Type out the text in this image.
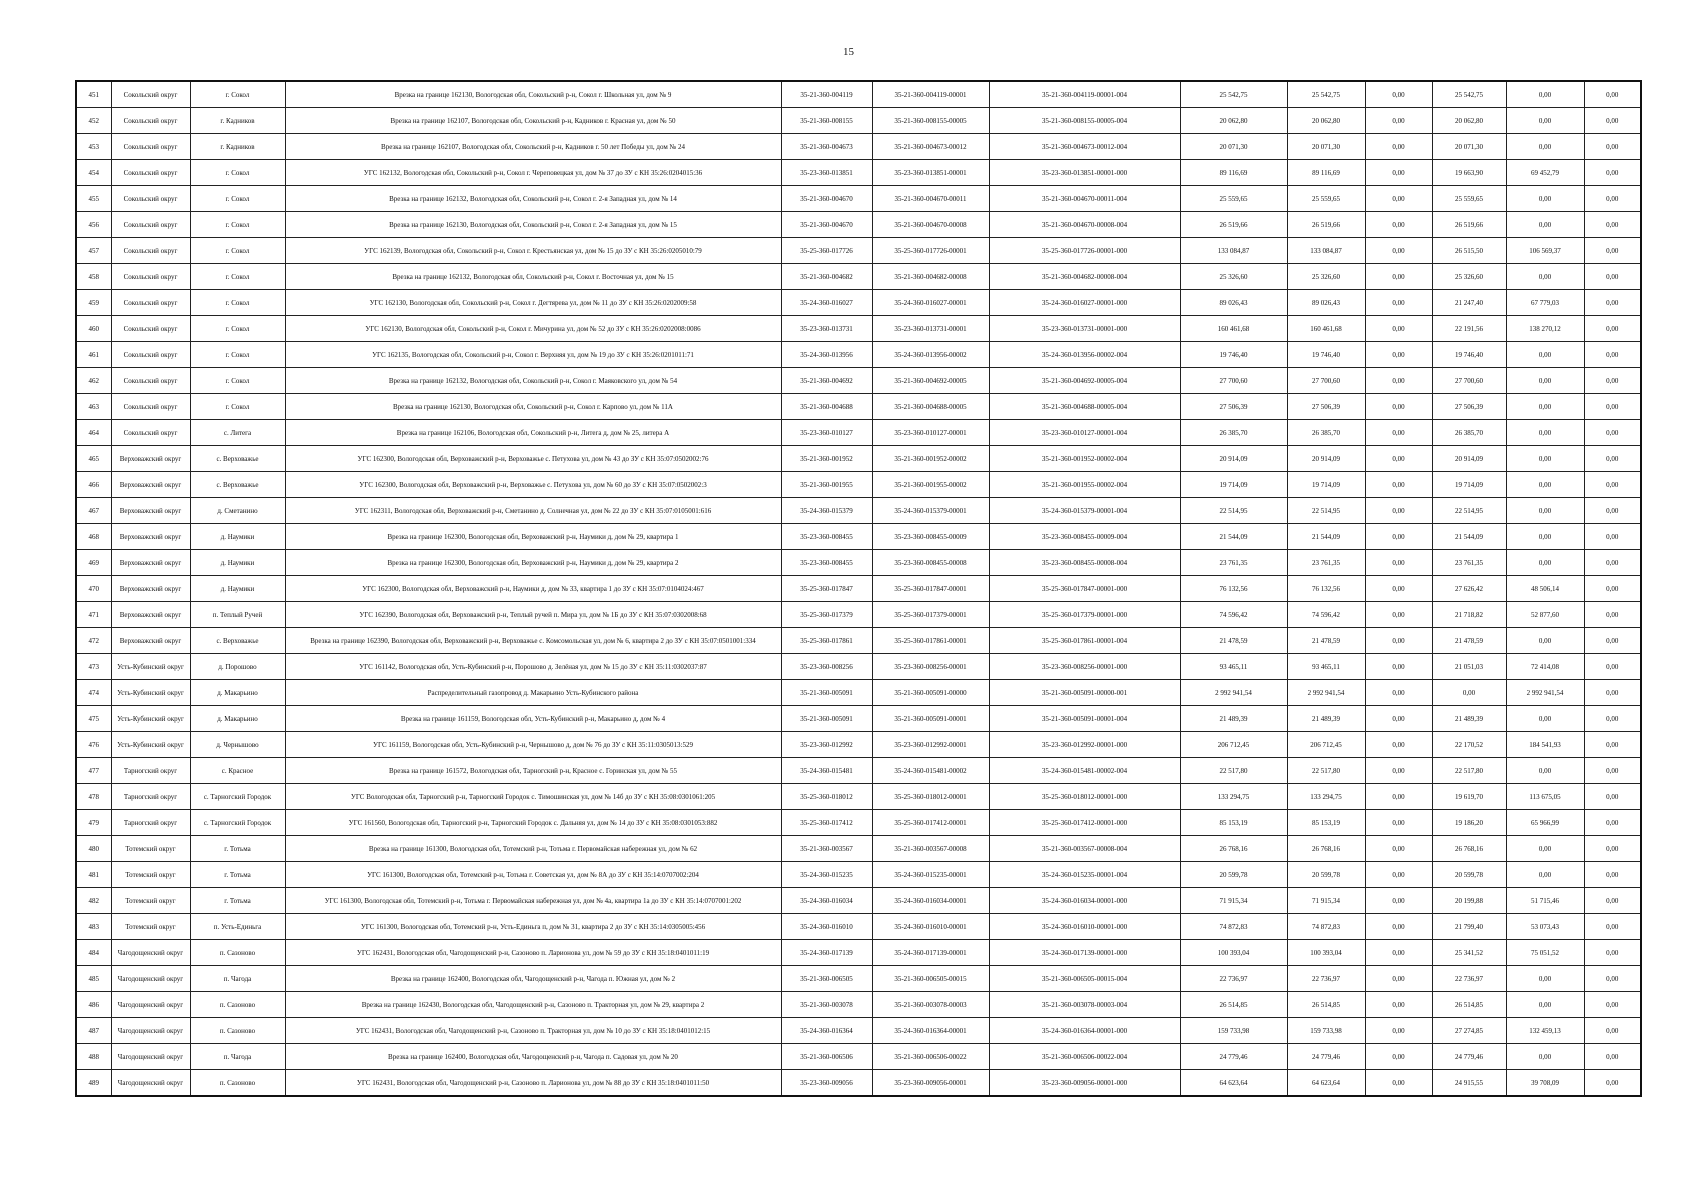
15
451	Сокольский округ	г. Сокол	Врезка на границе 162130, Вологодская обл, Сокольский р-н, Сокол г. Школьная ул, дом № 9	35-21-360-004119	35-21-360-004119-00001	35-21-360-004119-00001-004	25 542,75	25 542,75	0,00	25 542,75	0,00	0,00
452	Сокольский округ	г. Кадников	Врезка на границе 162107, Вологодская обл, Сокольский р-н, Кадников г. Красная ул, дом № 50	35-21-360-008155	35-21-360-008155-00005	35-21-360-008155-00005-004	20 062,80	20 062,80	0,00	20 062,80	0,00	0,00
453	Сокольский округ	г. Кадников	Врезка на границе 162107, Вологодская обл, Сокольский р-н, Кадников г. 50 лет Победы ул, дом № 24	35-21-360-004673	35-21-360-004673-00012	35-21-360-004673-00012-004	20 071,30	20 071,30	0,00	20 071,30	0,00	0,00
454	Сокольский округ	г. Сокол	УГС 162132, Вологодская обл, Сокольский р-н, Сокол г. Череповецкая ул, дом № 37 до ЗУ с КН 35:26:0204015:36	35-23-360-013851	35-23-360-013851-00001	35-23-360-013851-00001-000	89 116,69	89 116,69	0,00	19 663,90	69 452,79	0,00
455	Сокольский округ	г. Сокол	Врезка на границе 162132, Вологодская обл, Сокольский р-н, Сокол г. 2-я Западная ул, дом № 14	35-21-360-004670	35-21-360-004670-00011	35-21-360-004670-00011-004	25 559,65	25 559,65	0,00	25 559,65	0,00	0,00
456	Сокольский округ	г. Сокол	Врезка на границе 162130, Вологодская обл, Сокольский р-н, Сокол г. 2-я Западная ул, дом № 15	35-21-360-004670	35-21-360-004670-00008	35-21-360-004670-00008-004	26 519,66	26 519,66	0,00	26 519,66	0,00	0,00
457	Сокольский округ	г. Сокол	УГС 162139, Вологодская обл, Сокольский р-н, Сокол г. Крестьянская ул, дом № 15 до ЗУ с КН 35:26:0205010:79	35-25-360-017726	35-25-360-017726-00001	35-25-360-017726-00001-000	133 084,87	133 084,87	0,00	26 515,50	106 569,37	0,00
458	Сокольский округ	г. Сокол	Врезка на границе 162132, Вологодская обл, Сокольский р-н, Сокол г. Восточная ул, дом № 15	35-21-360-004682	35-21-360-004682-00008	35-21-360-004682-00008-004	25 326,60	25 326,60	0,00	25 326,60	0,00	0,00
459	Сокольский округ	г. Сокол	УГС 162130, Вологодская обл, Сокольский р-н, Сокол г. Дегтярева ул, дом № 11 до ЗУ с КН 35:26:0202009:58	35-24-360-016027	35-24-360-016027-00001	35-24-360-016027-00001-000	89 026,43	89 026,43	0,00	21 247,40	67 779,03	0,00
460	Сокольский округ	г. Сокол	УГС 162130, Вологодская обл, Сокольский р-н, Сокол г. Мичурина ул, дом № 52 до ЗУ с КН 35:26:0202008:0086	35-23-360-013731	35-23-360-013731-00001	35-23-360-013731-00001-000	160 461,68	160 461,68	0,00	22 191,56	138 270,12	0,00
461	Сокольский округ	г. Сокол	УГС 162135, Вологодская обл, Сокольский р-н, Сокол г. Верхняя ул, дом № 19 до ЗУ с КН 35:26:0201011:71	35-24-360-013956	35-24-360-013956-00002	35-24-360-013956-00002-004	19 746,40	19 746,40	0,00	19 746,40	0,00	0,00
462	Сокольский округ	г. Сокол	Врезка на границе 162132, Вологодская обл, Сокольский р-н, Сокол г. Маяковского ул, дом № 54	35-21-360-004692	35-21-360-004692-00005	35-21-360-004692-00005-004	27 700,60	27 700,60	0,00	27 700,60	0,00	0,00
463	Сокольский округ	г. Сокол	Врезка на границе 162130, Вологодская обл, Сокольский р-н, Сокол г. Карпово ул, дом № 11А	35-21-360-004688	35-21-360-004688-00005	35-21-360-004688-00005-004	27 506,39	27 506,39	0,00	27 506,39	0,00	0,00
464	Сокольский округ	с. Литега	Врезка на границе 162106, Вологодская обл, Сокольский р-н, Литега д, дом № 25, литера А	35-23-360-010127	35-23-360-010127-00001	35-23-360-010127-00001-004	26 385,70	26 385,70	0,00	26 385,70	0,00	0,00
465	Верховажский округ	с. Верховажье	УГС 162300, Вологодская обл, Верховажский р-н, Верховажье с. Петухова ул, дом № 43 до ЗУ с КН 35:07:0502002:76	35-21-360-001952	35-21-360-001952-00002	35-21-360-001952-00002-004	20 914,09	20 914,09	0,00	20 914,09	0,00	0,00
466	Верховажский округ	с. Верховажье	УГС 162300, Вологодская обл, Верховажский р-н, Верховажье с. Петухова ул, дом № 60 до ЗУ с КН 35:07:0502002:3	35-21-360-001955	35-21-360-001955-00002	35-21-360-001955-00002-004	19 714,09	19 714,09	0,00	19 714,09	0,00	0,00
467	Верховажский округ	д. Сметанино	УГС 162311, Вологодская обл, Верховажский р-н, Сметанино д. Солнечная ул, дом № 22 до ЗУ с КН 35:07:0105001:616	35-24-360-015379	35-24-360-015379-00001	35-24-360-015379-00001-004	22 514,95	22 514,95	0,00	22 514,95	0,00	0,00
468	Верховажский округ	д. Наумики	Врезка на границе 162300, Вологодская обл, Верховажский р-н, Наумики д, дом № 29, квартира 1	35-23-360-008455	35-23-360-008455-00009	35-23-360-008455-00009-004	21 544,09	21 544,09	0,00	21 544,09	0,00	0,00
469	Верховажский округ	д. Наумики	Врезка на границе 162300, Вологодская обл, Верховажский р-н, Наумики д, дом № 29, квартира 2	35-23-360-008455	35-23-360-008455-00008	35-23-360-008455-00008-004	23 761,35	23 761,35	0,00	23 761,35	0,00	0,00
470	Верховажский округ	д. Наумики	УГС 162300, Вологодская обл, Верховажский р-н, Наумики д, дом № 33, квартира 1 до ЗУ с КН 35:07:0104024:467	35-25-360-017847	35-25-360-017847-00001	35-25-360-017847-00001-000	76 132,56	76 132,56	0,00	27 626,42	48 506,14	0,00
471	Верховажский округ	п. Теплый Ручей	УГС 162390, Вологодская обл, Верховажский р-н, Теплый ручей п. Мира ул, дом № 1Б до ЗУ с КН 35:07:0302008:68	35-25-360-017379	35-25-360-017379-00001	35-25-360-017379-00001-000	74 596,42	74 596,42	0,00	21 718,82	52 877,60	0,00
472	Верховажский округ	с. Верховажье	Врезка на границе 162390, Вологодская обл, Верховажский р-н, Верховажье с. Комсомольская ул, дом № 6, квартира 2 до ЗУ с КН 35:07:0501001:334	35-25-360-017861	35-25-360-017861-00001	35-25-360-017861-00001-004	21 478,59	21 478,59	0,00	21 478,59	0,00	0,00
473	Усть-Кубинский округ	д. Порошово	УГС 161142, Вологодская обл, Усть-Кубинский р-н, Порошово д. Зелёная ул, дом № 15 до ЗУ с КН 35:11:0302037:87	35-23-360-008256	35-23-360-008256-00001	35-23-360-008256-00001-000	93 465,11	93 465,11	0,00	21 051,03	72 414,08	0,00
474	Усть-Кубинский округ	д. Макарьино	Распределительный газопровод д. Макарьино Усть-Кубинского района	35-21-360-005091	35-21-360-005091-00000	35-21-360-005091-00000-001	2 992 941,54	2 992 941,54	0,00	0,00	2 992 941,54	0,00
475	Усть-Кубинский округ	д. Макарьино	Врезка на границе 161159, Вологодская обл, Усть-Кубинский р-н, Макарьино д, дом № 4	35-21-360-005091	35-21-360-005091-00001	35-21-360-005091-00001-004	21 489,39	21 489,39	0,00	21 489,39	0,00	0,00
476	Усть-Кубинский округ	д. Чернышово	УГС 161159, Вологодская обл, Усть-Кубинский р-н, Чернышово д, дом № 76 до ЗУ с КН 35:11:0305013:529	35-23-360-012992	35-23-360-012992-00001	35-23-360-012992-00001-000	206 712,45	206 712,45	0,00	22 170,52	184 541,93	0,00
477	Тарногский округ	с. Красное	Врезка на границе 161572, Вологодская обл, Тарногский р-н, Красное с. Горинская ул, дом № 55	35-24-360-015481	35-24-360-015481-00002	35-24-360-015481-00002-004	22 517,80	22 517,80	0,00	22 517,80	0,00	0,00
478	Тарногский округ	с. Тарногский Городок	УГС Вологодская обл, Тарногский р-н, Тарногский Городок с. Тимошинская ул, дом № 14б до ЗУ с КН 35:08:0301061:205	35-25-360-018012	35-25-360-018012-00001	35-25-360-018012-00001-000	133 294,75	133 294,75	0,00	19 619,70	113 675,05	0,00
479	Тарногский округ	с. Тарногский Городок	УГС 161560, Вологодская обл, Тарногский р-н, Тарногский Городок с. Дальняя ул, дом № 14 до ЗУ с КН 35:08:0301053:882	35-25-360-017412	35-25-360-017412-00001	35-25-360-017412-00001-000	85 153,19	85 153,19	0,00	19 186,20	65 966,99	0,00
480	Тотемский округ	г. Тотьма	Врезка на границе 161300, Вологодская обл, Тотемский р-н, Тотьма г. Первомайская набережная ул, дом № 62	35-21-360-003567	35-21-360-003567-00008	35-21-360-003567-00008-004	26 768,16	26 768,16	0,00	26 768,16	0,00	0,00
481	Тотемский округ	г. Тотьма	УГС 161300, Вологодская обл, Тотемский р-н, Тотьма г. Советская ул, дом № 8А до ЗУ с КН 35:14:0707002:204	35-24-360-015235	35-24-360-015235-00001	35-24-360-015235-00001-004	20 599,78	20 599,78	0,00	20 599,78	0,00	0,00
482	Тотемский округ	г. Тотьма	УГС 161300, Вологодская обл, Тотемский р-н, Тотьма г. Первомайская набережная ул, дом № 4а, квартира 1а до ЗУ с КН 35:14:0707001:202	35-24-360-016034	35-24-360-016034-00001	35-24-360-016034-00001-000	71 915,34	71 915,34	0,00	20 199,88	51 715,46	0,00
483	Тотемский округ	п. Усть-Единьга	УГС 161300, Вологодская обл, Тотемский р-н, Усть-Единьга п, дом № 31, квартира 2 до ЗУ с КН 35:14:0305005:456	35-24-360-016010	35-24-360-016010-00001	35-24-360-016010-00001-000	74 872,83	74 872,83	0,00	21 799,40	53 073,43	0,00
484	Чагодощенский округ	п. Сазоново	УГС 162431, Вологодская обл, Чагодощенский р-н, Сазоново п. Ларионова ул, дом № 59 до ЗУ с КН 35:18:0401011:19	35-24-360-017139	35-24-360-017139-00001	35-24-360-017139-00001-000	100 393,04	100 393,04	0,00	25 341,52	75 051,52	0,00
485	Чагодощенский округ	п. Чагода	Врезка на границе 162400, Вологодская обл, Чагодощенский р-н, Чагода п. Южная ул, дом № 2	35-21-360-006505	35-21-360-006505-00015	35-21-360-006505-00015-004	22 736,97	22 736,97	0,00	22 736,97	0,00	0,00
486	Чагодощенский округ	п. Сазоново	Врезка на границе 162430, Вологодская обл, Чагодощенский р-н, Сазоново п. Тракторная ул, дом № 29, квартира 2	35-21-360-003078	35-21-360-003078-00003	35-21-360-003078-00003-004	26 514,85	26 514,85	0,00	26 514,85	0,00	0,00
487	Чагодощенский округ	п. Сазоново	УГС 162431, Вологодская обл, Чагодощенский р-н, Сазоново п. Тракторная ул, дом № 10 до ЗУ с КН 35:18:0401012:15	35-24-360-016364	35-24-360-016364-00001	35-24-360-016364-00001-000	159 733,98	159 733,98	0,00	27 274,85	132 459,13	0,00
488	Чагодощенский округ	п. Чагода	Врезка на границе 162400, Вологодская обл, Чагодощенский р-н, Чагода п. Садовая ул, дом № 20	35-21-360-006506	35-21-360-006506-00022	35-21-360-006506-00022-004	24 779,46	24 779,46	0,00	24 779,46	0,00	0,00
489	Чагодощенский округ	п. Сазоново	УГС 162431, Вологодская обл, Чагодощенский р-н, Сазоново п. Ларионова ул, дом № 88 до ЗУ с КН 35:18:0401011:50	35-23-360-009056	35-23-360-009056-00001	35-23-360-009056-00001-000	64 623,64	64 623,64	0,00	24 915,55	39 708,09	0,00
